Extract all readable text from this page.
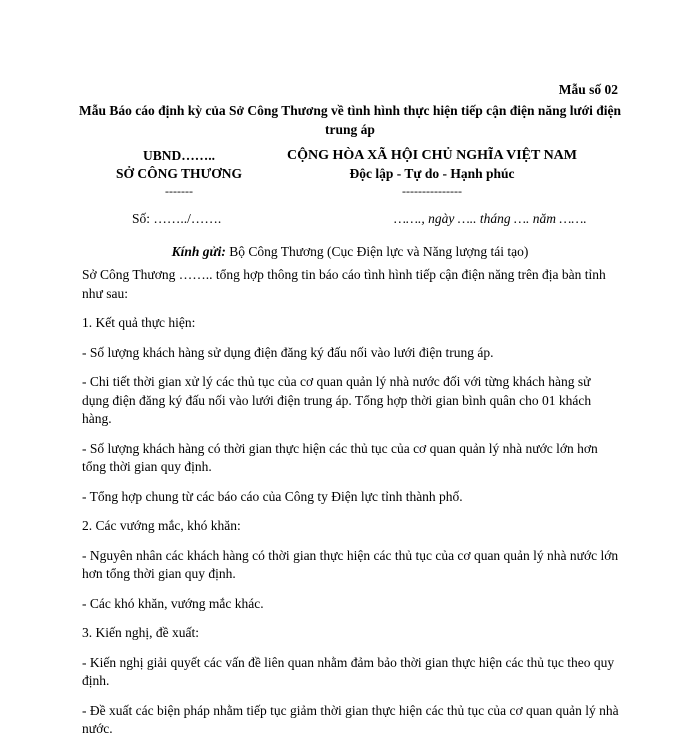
Mẫu số 02
Mẫu Báo cáo định kỳ của Sở Công Thương về tình hình thực hiện tiếp cận điện năng lưới điện trung áp
UBND……..
SỞ CÔNG THƯƠNG
-------
CỘNG HÒA XÃ HỘI CHỦ NGHĨA VIỆT NAM
Độc lập - Tự do - Hạnh phúc
---------------
Số: ……../…….	……., ngày ….. tháng …. năm …….
Kính gửi: Bộ Công Thương (Cục Điện lực và Năng lượng tái tạo)

Sở Công Thương …….. tổng hợp thông tin báo cáo tình hình tiếp cận điện năng trên địa bàn tỉnh như sau:

1. Kết quả thực hiện:

- Số lượng khách hàng sử dụng điện đăng ký đấu nối vào lưới điện trung áp.

- Chi tiết thời gian xử lý các thủ tục của cơ quan quản lý nhà nước đối với từng khách hàng sử dụng điện đăng ký đấu nối vào lưới điện trung áp. Tổng hợp thời gian bình quân cho 01 khách hàng.

- Số lượng khách hàng có thời gian thực hiện các thủ tục của cơ quan quản lý nhà nước lớn hơn tổng thời gian quy định.

- Tổng hợp chung từ các báo cáo của Công ty Điện lực tỉnh thành phố.

2. Các vướng mắc, khó khăn:

- Nguyên nhân các khách hàng có thời gian thực hiện các thủ tục của cơ quan quản lý nhà nước lớn hơn tổng thời gian quy định.

- Các khó khăn, vướng mắc khác.

3. Kiến nghị, đề xuất:

- Kiến nghị giải quyết các vấn đề liên quan nhằm đảm bảo thời gian thực hiện các thủ tục theo quy định.

- Đề xuất các biện pháp nhằm tiếp tục giảm thời gian thực hiện các thủ tục của cơ quan quản lý nhà nước.
